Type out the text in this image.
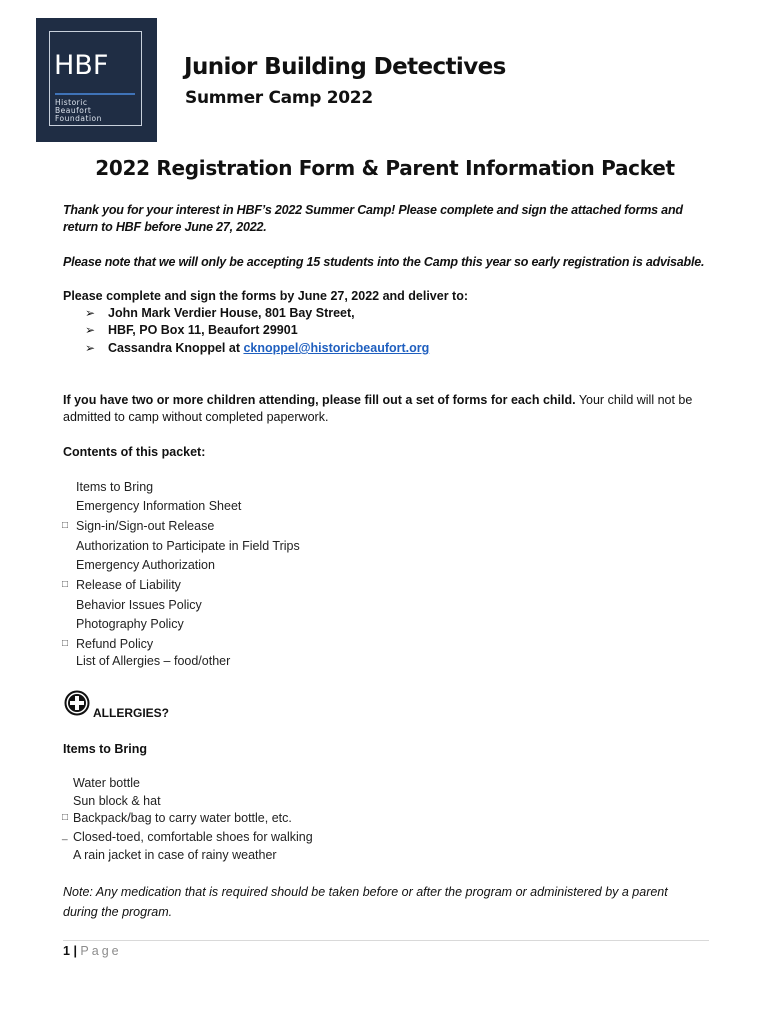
HBF
Historic
Beaufort
Foundation
Junior Building Detectives
Summer Camp 2022
2022 Registration Form & Parent Information Packet
Thank you for your interest in HBF’s 2022 Summer Camp! Please complete and sign the attached forms and return to HBF before June 27, 2022.
Please note that we will only be accepting 15 students into the Camp this year so early registration is advisable.
Please complete and sign the forms by June 27, 2022 and deliver to:
➢ John Mark Verdier House, 801 Bay Street,
➢ HBF, PO Box 11, Beaufort 29901
➢ Cassandra Knoppel at cknoppel@historicbeaufort.org
If you have two or more children attending, please fill out a set of forms for each child. Your child will not be admitted to camp without completed paperwork.
Contents of this packet:
Items to Bring
Emergency Information Sheet
□ Sign-in/Sign-out Release
Authorization to Participate in Field Trips
Emergency Authorization
□ Release of Liability
Behavior Issues Policy
Photography Policy
□ Refund Policy
List of Allergies – food/other
ALLERGIES?
Items to Bring
Water bottle
Sun block & hat
□ Backpack/bag to carry water bottle, etc.
_ Closed-toed, comfortable shoes for walking
A rain jacket in case of rainy weather
Note: Any medication that is required should be taken before or after the program or administered by a parent during the program.
1 | Page
